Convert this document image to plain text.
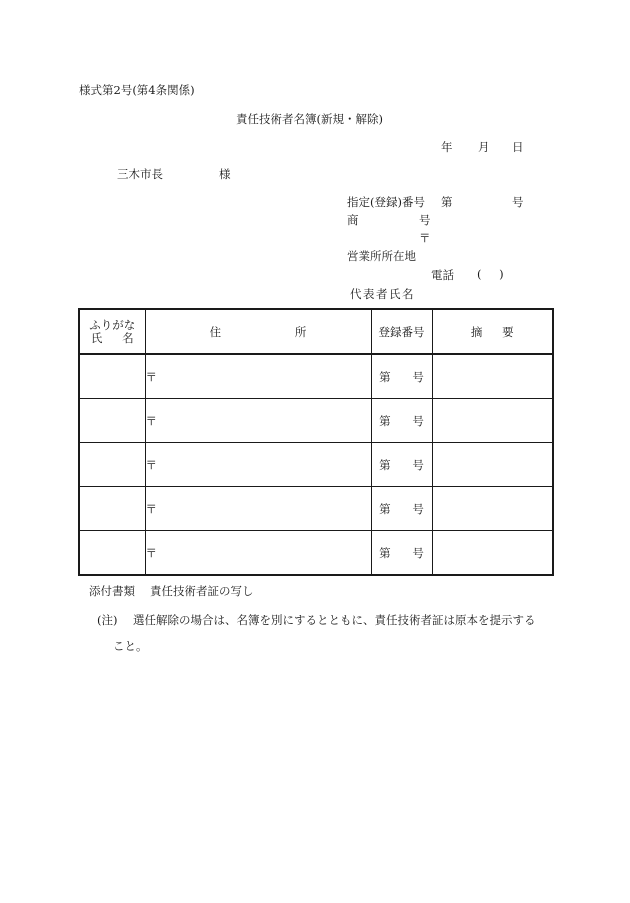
様式第2号(第4条関係)
責任技術者名簿(新規・解除)
年 月 日
三木市長	様
指定(登録)番号 第	号
商	号
〒
営業所所在地
電話 ( )
代表者氏名
ふりがな
氏 名	住 所	登録番号	摘 要
	〒	第 号	
	〒	第 号	
	〒	第 号	
	〒	第 号	
	〒	第 号	
添付書類 責任技術者証の写し
(注) 選任解除の場合は、名簿を別にするとともに、責任技術者証は原本を提示する
こと。
